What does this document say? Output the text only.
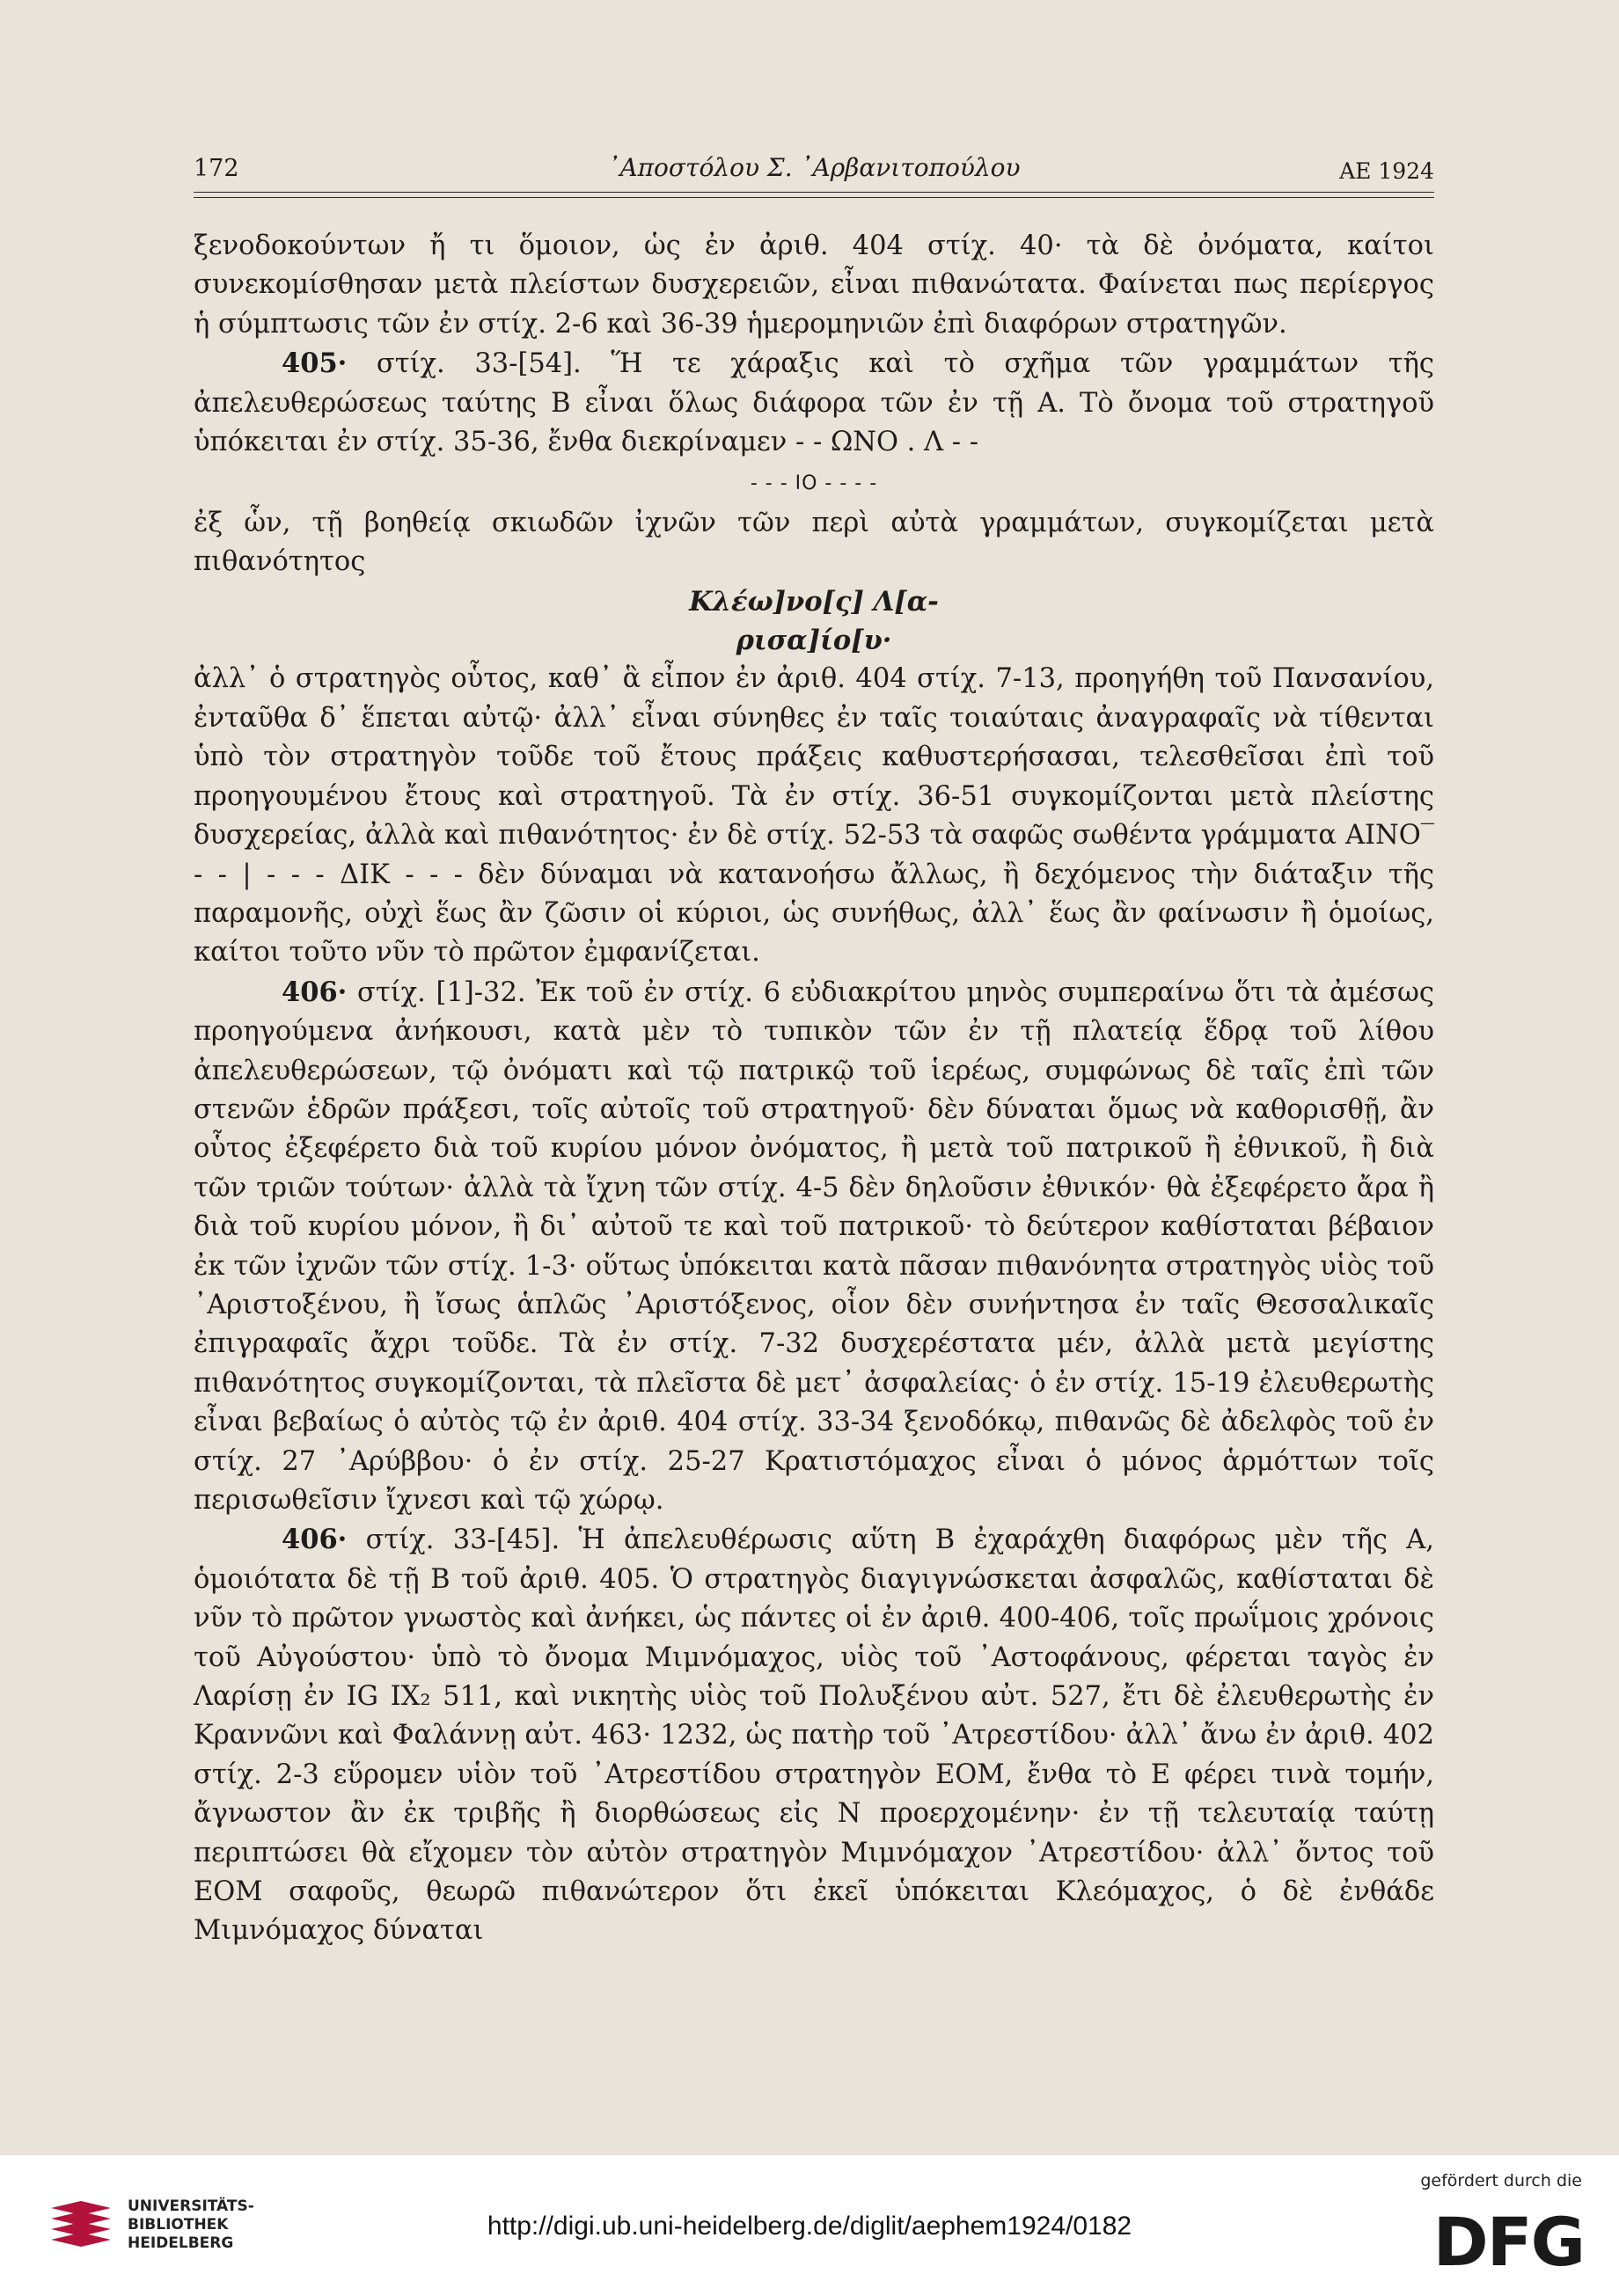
172	᾿Αποστόλου Σ. ᾿Αρβανιτοπούλου	ΑΕ 1924

ξενοδοκούντων ἤ τι ὅμοιον, ὡς ἐν ἀριθ. 404 στίχ. 40· τὰ δὲ ὀνόματα, καίτοι συνεκομίσθησαν μετὰ πλείστων δυσχερειῶν, εἶναι πιθανώτατα. Φαίνεται πως περίεργος ἡ σύμπτωσις τῶν ἐν στίχ. 2-6 καὶ 36-39 ἡμερομηνιῶν ἐπὶ διαφόρων στρατηγῶν.

405· στίχ. 33-[54]. Ἥ τε χάραξις καὶ τὸ σχῆμα τῶν γραμμάτων τῆς ἀπελευθερώσεως ταύτης B εἶναι ὅλως διάφορα τῶν ἐν τῇ A. Τὸ ὄνομα τοῦ στρατηγοῦ ὑπόκειται ἐν στίχ. 35-36, ἔνθα διεκρίναμεν - - ΩΝΟ . Λ - -

- - - ΙΟ - - - -

ἐξ ὧν, τῇ βοηθείᾳ σκιωδῶν ἰχνῶν τῶν περὶ αὐτὰ γραμμάτων, συγκομίζεται μετὰ πιθανότητος

Κλέω]νο[ς] Λ[α-

ρισα]ίο[υ·

ἀλλ᾿ ὁ στρατηγὸς οὗτος, καθ᾿ ἃ εἶπον ἐν ἀριθ. 404 στίχ. 7-13, προηγήθη τοῦ Πανσανίου, ἐνταῦθα δ᾿ ἕπεται αὐτῷ· ἀλλ᾿ εἶναι σύνηθες ἐν ταῖς τοιαύταις ἀναγραφαῖς νὰ τίθενται ὑπὸ τὸν στρατηγὸν τοῦδε τοῦ ἔτους πράξεις καθυστερήσασαι, τελεσθεῖσαι ἐπὶ τοῦ προηγουμένου ἔτους καὶ στρατηγοῦ. Τὰ ἐν στίχ. 36-51 συγκομίζονται μετὰ πλείστης δυσχερείας, ἀλλὰ καὶ πιθανότητος· ἐν δὲ στίχ. 52-53 τὰ σαφῶς σωθέντα γράμματα ΑΙΝΟ‾ - - | - - - ΔΙΚ - - - δὲν δύναμαι νὰ κατανοήσω ἄλλως, ἢ δεχόμενος τὴν διάταξιν τῆς παραμονῆς, οὐχὶ ἕως ἂν ζῶσιν οἱ κύριοι, ὡς συνήθως, ἀλλ᾿ ἕως ἂν φαίνωσιν ἢ ὁμοίως, καίτοι τοῦτο νῦν τὸ πρῶτον ἐμφανίζεται.

406· στίχ. [1]-32. Ἐκ τοῦ ἐν στίχ. 6 εὐδιακρίτου μηνὸς συμπεραίνω ὅτι τὰ ἀμέσως προηγούμενα ἀνήκουσι, κατὰ μὲν τὸ τυπικὸν τῶν ἐν τῇ πλατείᾳ ἕδρᾳ τοῦ λίθου ἀπελευθερώσεων, τῷ ὀνόματι καὶ τῷ πατρικῷ τοῦ ἱερέως, συμφώνως δὲ ταῖς ἐπὶ τῶν στενῶν ἑδρῶν πράξεσι, τοῖς αὐτοῖς τοῦ στρατηγοῦ· δὲν δύναται ὅμως νὰ καθορισθῇ, ἂν οὗτος ἐξεφέρετο διὰ τοῦ κυρίου μόνον ὀνόματος, ἢ μετὰ τοῦ πατρικοῦ ἢ ἐθνικοῦ, ἢ διὰ τῶν τριῶν τούτων· ἀλλὰ τὰ ἴχνη τῶν στίχ. 4-5 δὲν δηλοῦσιν ἐθνικόν· θὰ ἐξεφέρετο ἄρα ἢ διὰ τοῦ κυρίου μόνον, ἢ δι᾿ αὐτοῦ τε καὶ τοῦ πατρικοῦ· τὸ δεύτερον καθίσταται βέβαιον ἐκ τῶν ἰχνῶν τῶν στίχ. 1-3· οὕτως ὑπόκειται κατὰ πᾶσαν πιθανόνητα στρατηγὸς υἱὸς τοῦ ᾿Αριστοξένου, ἢ ἴσως ἁπλῶς ᾿Αριστόξενος, οἷον δὲν συνήντησα ἐν ταῖς Θεσσαλικαῖς ἐπιγραφαῖς ἄχρι τοῦδε. Τὰ ἐν στίχ. 7-32 δυσχερέστατα μέν, ἀλλὰ μετὰ μεγίστης πιθανότητος συγκομίζονται, τὰ πλεῖστα δὲ μετ᾿ ἀσφαλείας· ὁ ἐν στίχ. 15-19 ἐλευθερωτὴς εἶναι βεβαίως ὁ αὐτὸς τῷ ἐν ἀριθ. 404 στίχ. 33-34 ξενοδόκῳ, πιθανῶς δὲ ἀδελφὸς τοῦ ἐν στίχ. 27 ᾿Αρύββου· ὁ ἐν στίχ. 25-27 Κρατιστόμαχος εἶναι ὁ μόνος ἁρμόττων τοῖς περισωθεῖσιν ἴχνεσι καὶ τῷ χώρῳ.

406· στίχ. 33-[45]. Ἡ ἀπελευθέρωσις αὕτη B ἐχαράχθη διαφόρως μὲν τῆς A, ὁμοιότατα δὲ τῇ B τοῦ ἀριθ. 405. Ὁ στρατηγὸς διαγιγνώσκεται ἀσφαλῶς, καθίσταται δὲ νῦν τὸ πρῶτον γνωστὸς καὶ ἀνήκει, ὡς πάντες οἱ ἐν ἀριθ. 400-406, τοῖς πρωΐμοις χρόνοις τοῦ Αὐγούστου· ὑπὸ τὸ ὄνομα Μιμνόμαχος, υἱὸς τοῦ ᾿Αστοφάνους, φέρεται ταγὸς ἐν Λαρίσῃ ἐν IG IX₂ 511, καὶ νικητὴς υἱὸς τοῦ Πολυξένου αὐτ. 527, ἔτι δὲ ἐλευθερωτὴς ἐν Κραννῶνι καὶ Φαλάννῃ αὐτ. 463· 1232, ὡς πατὴρ τοῦ ᾿Ατρεστίδου· ἀλλ᾿ ἄνω ἐν ἀριθ. 402 στίχ. 2-3 εὕρομεν υἱὸν τοῦ ᾿Ατρεστίδου στρατηγὸν ΕΟΜ, ἔνθα τὸ Ε φέρει τινὰ τομήν, ἄγνωστον ἂν ἐκ τριβῆς ἢ διορθώσεως εἰς Ν προερχομένην· ἐν τῇ τελευταίᾳ ταύτῃ περιπτώσει θὰ εἴχομεν τὸν αὐτὸν στρατηγὸν Μιμνόμαχον ᾿Ατρεστίδου· ἀλλ᾿ ὄντος τοῦ ΕΟΜ σαφοῦς, θεωρῶ πιθανώτερον ὅτι ἐκεῖ ὑπόκειται Κλεόμαχος, ὁ δὲ ἐνθάδε Μιμνόμαχος δύναται

UNIVERSITÄTS-
BIBLIOTHEK
HEIDELBERG
http://digi.ub.uni-heidelberg.de/diglit/aephem1924/0182
gefördert durch die
DFG
